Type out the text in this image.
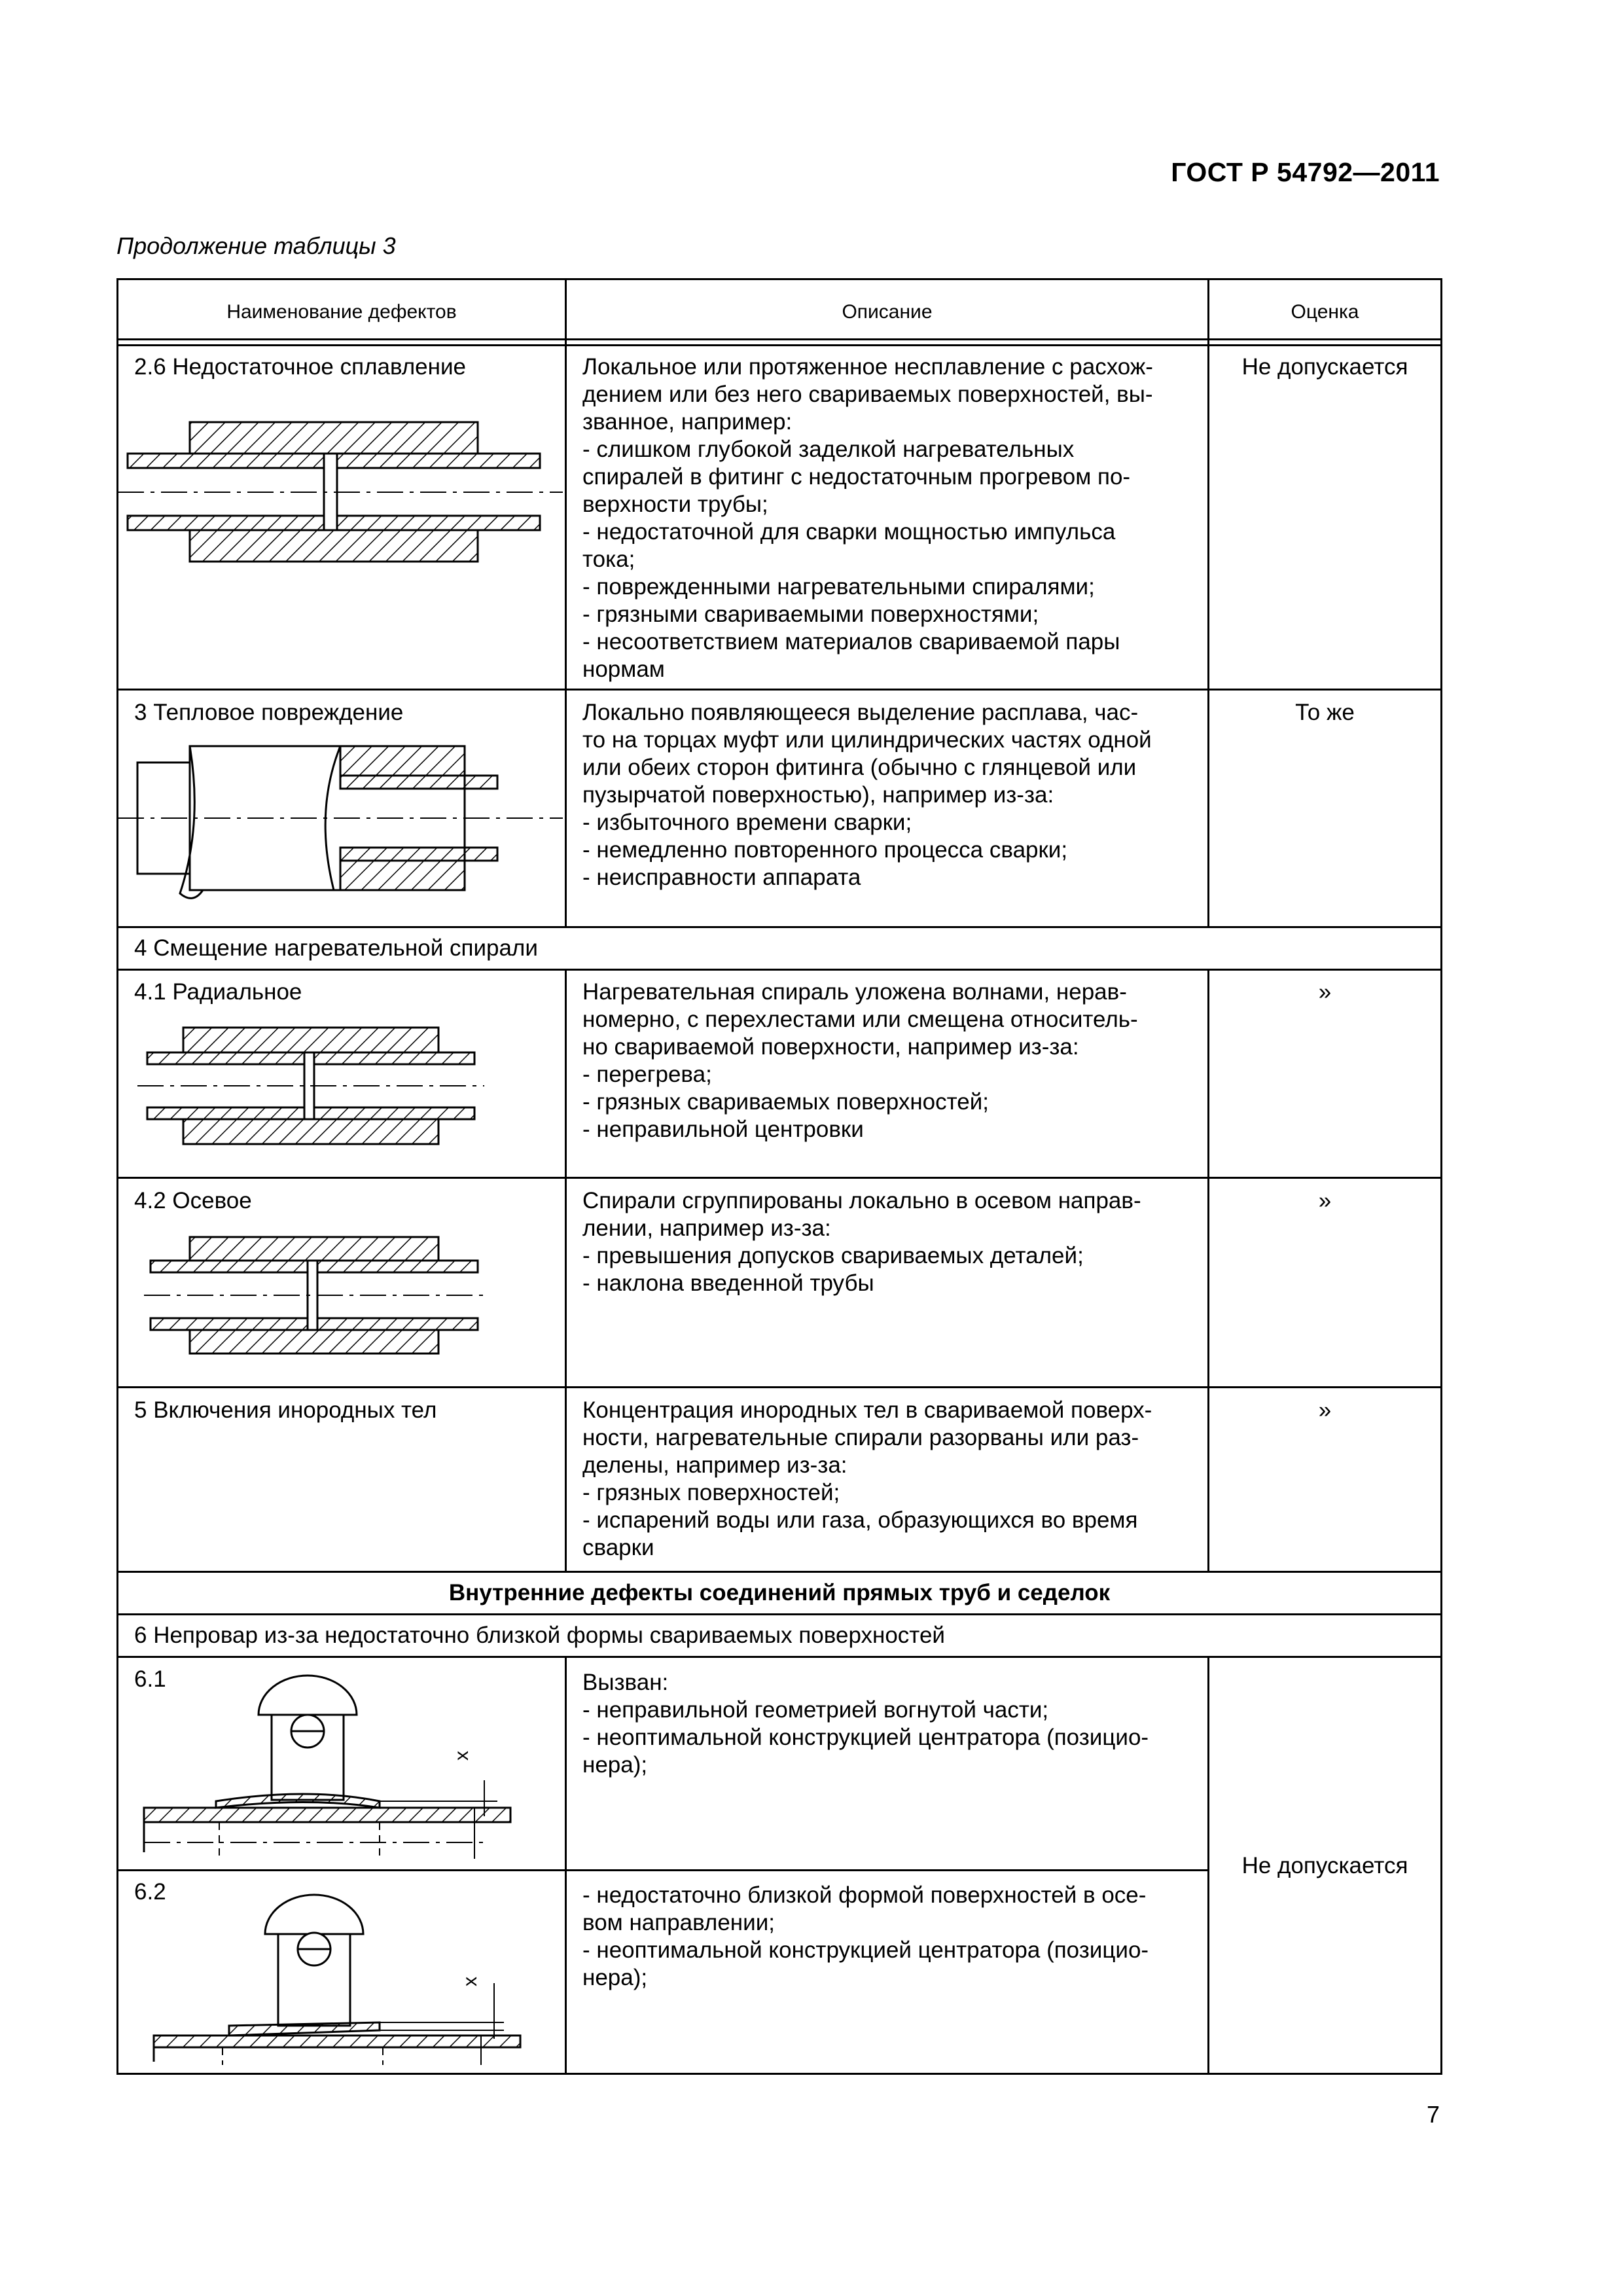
ГОСТ Р 54792—2011
Продолжение таблицы 3
Наименование дефектов	Описание	Оценка
2.6 Недостаточное сплавление	Локальное или протяженное несплавление с расхож-
дением или без него свариваемых поверхностей, вы-
званное, например:
- слишком глубокой заделкой нагревательных
спиралей в фитинг с недостаточным прогревом по-
верхности трубы;
- недостаточной для сварки мощностью импульса
тока;
- поврежденными нагревательными спиралями;
- грязными свариваемыми поверхностями;
- несоответствием материалов свариваемой пары
нормам
Не допускается
3 Тепловое повреждение	Локально появляющееся выделение расплава, час-
то на торцах муфт или цилиндрических частях одной
или обеих сторон фитинга (обычно с глянцевой или
пузырчатой поверхностью), например из-за:
- избыточного времени сварки;
- немедленно повторенного процесса сварки;
- неисправности аппарата
То же
4 Смещение нагревательной спирали
4.1 Радиальное	Нагревательная спираль уложена волнами, нерав-
номерно, с перехлестами или смещена относитель-
но свариваемой поверхности, например из-за:
- перегрева;
- грязных свариваемых поверхностей;
- неправильной центровки
»
4.2 Осевое	Спирали сгруппированы локально в осевом направ-
лении, например из-за:
- превышения допусков свариваемых деталей;
- наклона введенной трубы
»
5 Включения инородных тел	Концентрация инородных тел в свариваемой поверх-
ности, нагревательные спирали разорваны или раз-
делены, например из-за:
- грязных поверхностей;
- испарений воды или газа, образующихся во время
сварки
»
Внутренние дефекты соединений прямых труб и седелок
6 Непровар из-за недостаточно близкой формы свариваемых поверхностей
6.1	Вызван:
- неправильной геометрией вогнутой части;
- неоптимальной конструкцией центратора (позицио-
нера);
6.2	- недостаточно близкой формой поверхностей в осе-
вом направлении;
- неоптимальной конструкцией центратора (позицио-
нера);
Не допускается
x
x
7
